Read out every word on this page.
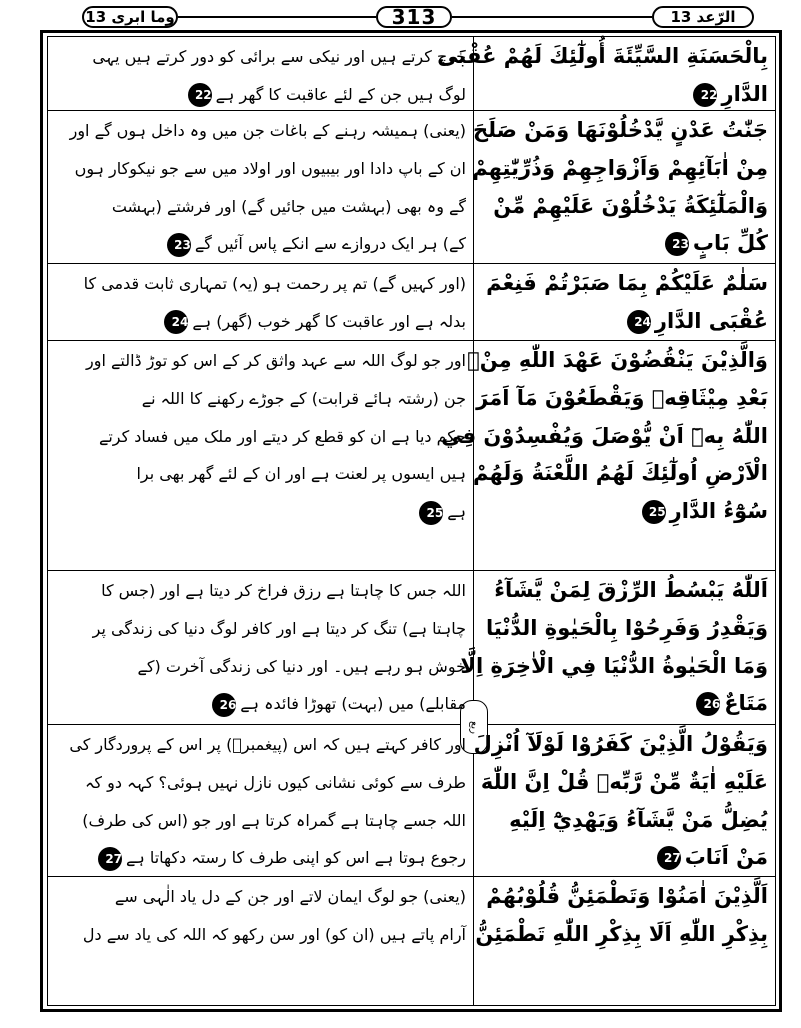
وما ابری 13	313	الرّعد 13
ربع
بِالْحَسَنَةِ السَّيِّئَةَ أُولٰٓئِكَ لَهُمْ عُقْبَى
الدَّارِ22
خرچ کرتے ہیں اور نیکی سے برائی کو دور کرتے ہیں یہی
لوگ ہیں جن کے لئے عاقبت کا گھر ہے22
جَنّٰتُ عَدْنٍ يَّدْخُلُوْنَهَا وَمَنْ صَلَحَ
مِنْ اٰبَآئِهِمْ وَاَزْوَاجِهِمْ وَذُرِّيّٰتِهِمْ
وَالْمَلٰٓئِكَةُ يَدْخُلُوْنَ عَلَيْهِمْ مِّنْ
كُلِّ بَابٍ23
(یعنی) ہمیشہ رہنے کے باغات جن میں وہ داخل ہوں گے اور
ان کے باپ دادا اور بیبیوں اور اولاد میں سے جو نیکوکار ہوں
گے وہ بھی (بہشت میں جائیں گے) اور فرشتے (بہشت
کے) ہر ایک دروازے سے انکے پاس آئیں گے23
سَلٰمٌ عَلَيْكُمْ بِمَا صَبَرْتُمْ فَنِعْمَ
عُقْبَى الدَّارِ24
(اور کہیں گے) تم پر رحمت ہو (یہ) تمہاری ثابت قدمی کا
بدلہ ہے اور عاقبت کا گھر خوب (گھر) ہے24
وَالَّذِيْنَ يَنْقُضُوْنَ عَهْدَ اللّٰهِ مِنْۢ
بَعْدِ مِيْثَاقِهٖ وَيَقْطَعُوْنَ مَآ اَمَرَ
اللّٰهُ بِهٖٓ اَنْ يُّوْصَلَ وَيُفْسِدُوْنَ فِي
الْاَرْضِ اُولٰٓئِكَ لَهُمُ اللَّعْنَةُ وَلَهُمْ
سُوْٓءُ الدَّارِ25
اور جو لوگ اللہ سے عہد واثق کر کے اس کو توڑ ڈالتے اور
جن (رشتہ ہائے قرابت) کے جوڑے رکھنے کا اللہ نے
حکم دیا ہے ان کو قطع کر دیتے اور ملک میں فساد کرتے
ہیں ایسوں پر لعنت ہے اور ان کے لئے گھر بھی برا
ہے25
اَللّٰهُ يَبْسُطُ الرِّزْقَ لِمَنْ يَّشَآءُ
وَيَقْدِرُ وَفَرِحُوْا بِالْحَيٰوةِ الدُّنْيَا
وَمَا الْحَيٰوةُ الدُّنْيَا فِي الْاٰخِرَةِ اِلَّا
مَتَاعٌ26
اللہ جس کا چاہتا ہے رزق فراخ کر دیتا ہے اور (جس کا
چاہتا ہے) تنگ کر دیتا ہے اور کافر لوگ دنیا کی زندگی پر
خوش ہو رہے ہیں۔ اور دنیا کی زندگی آخرت (کے
مقابلے) میں (بہت) تھوڑا فائدہ ہے26
وَيَقُوْلُ الَّذِيْنَ كَفَرُوْا لَوْلَآ اُنْزِلَ
عَلَيْهِ اٰيَةٌ مِّنْ رَّبِّهٖ قُلْ اِنَّ اللّٰهَ
يُضِلُّ مَنْ يَّشَآءُ وَيَهْدِيْٓ اِلَيْهِ
مَنْ اَنَابَ27
اور کافر کہتے ہیں کہ اس (پیغمبرؐ) پر اس کے پروردگار کی
طرف سے کوئی نشانی کیوں نازل نہیں ہوئی؟ کہہ دو کہ
اللہ جسے چاہتا ہے گمراہ کرتا ہے اور جو (اس کی طرف)
رجوع ہوتا ہے اس کو اپنی طرف کا رستہ دکھاتا ہے27
اَلَّذِيْنَ اٰمَنُوْا وَتَطْمَئِنُّ قُلُوْبُهُمْ
بِذِكْرِ اللّٰهِ اَلَا بِذِكْرِ اللّٰهِ تَطْمَئِنُّ
(یعنی) جو لوگ ایمان لاتے اور جن کے دل یاد الٰہی سے
آرام پاتے ہیں (ان کو) اور سن رکھو کہ اللہ کی یاد سے دل
